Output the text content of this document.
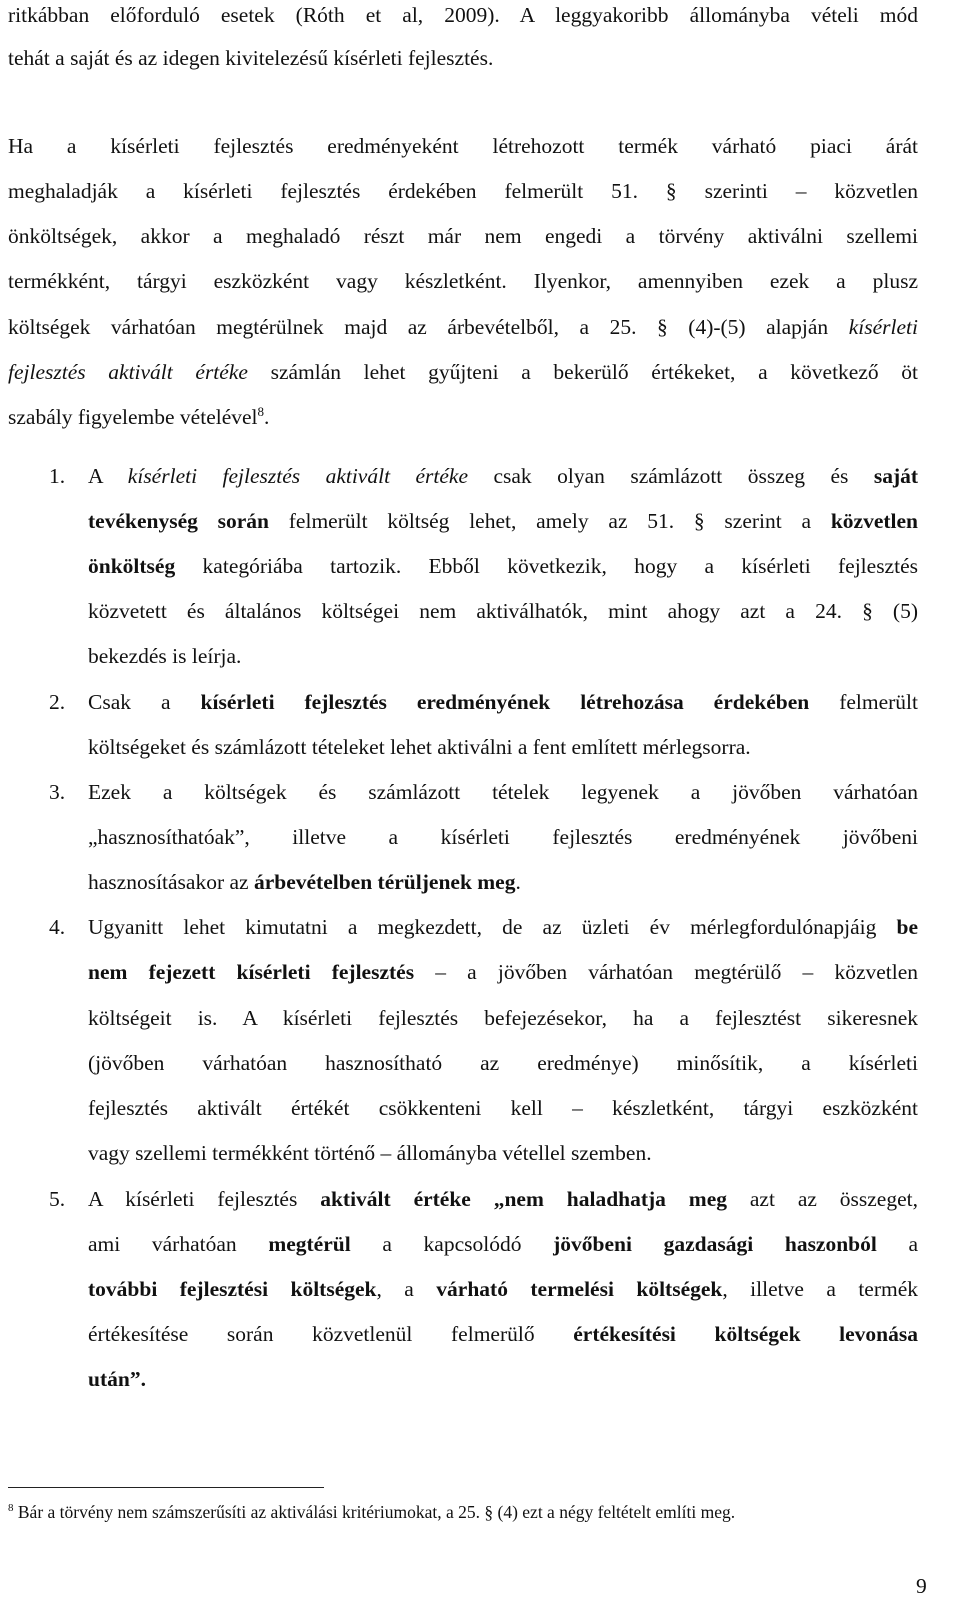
ritkábban előforduló esetek (Róth et al, 2009). A leggyakoribb állományba vételi mód
tehát a saját és az idegen kivitelezésű kísérleti fejlesztés.
Ha a kísérleti fejlesztés eredményeként létrehozott termék várható piaci árát
meghaladják a kísérleti fejlesztés érdekében felmerült 51. § szerinti – közvetlen
önköltségek, akkor a meghaladó részt már nem engedi a törvény aktiválni szellemi
termékként, tárgyi eszközként vagy készletként. Ilyenkor, amennyiben ezek a plusz
költségek várhatóan megtérülnek majd az árbevételből, a 25. § (4)-(5) alapján kísérleti
fejlesztés aktivált értéke számlán lehet gyűjteni a bekerülő értékeket, a következő öt
szabály figyelembe vételével$^8$.
1. A kísérleti fejlesztés aktivált értéke csak olyan számlázott összeg és saját
tevékenység során felmerült költség lehet, amely az 51. § szerint a közvetlen
önköltség kategóriába tartozik. Ebből következik, hogy a kísérleti fejlesztés
közvetett és általános költségei nem aktiválhatók, mint ahogy azt a 24. § (5)
bekezdés is leírja.
2. Csak a kísérleti fejlesztés eredményének létrehozása érdekében felmerült
költségeket és számlázott tételeket lehet aktiválni a fent említett mérlegsorra.
3. Ezek a költségek és számlázott tételek legyenek a jövőben várhatóan
„hasznosíthatóak”, illetve a kísérleti fejlesztés eredményének jövőbeni
hasznosításakor az árbevételben térüljenek meg.
4. Ugyanitt lehet kimutatni a megkezdett, de az üzleti év mérlegfordulónapjáig be
nem fejezett kísérleti fejlesztés – a jövőben várhatóan megtérülő – közvetlen
költségeit is. A kísérleti fejlesztés befejezésekor, ha a fejlesztést sikeresnek
(jövőben várhatóan hasznosítható az eredménye) minősítik, a kísérleti
fejlesztés aktivált értékét csökkenteni kell – készletként, tárgyi eszközként
vagy szellemi termékként történő – állományba vétellel szemben.
5. A kísérleti fejlesztés aktivált értéke „nem haladhatja meg azt az összeget,
ami várhatóan megtérül a kapcsolódó jövőbeni gazdasági haszonból a
további fejlesztési költségek, a várható termelési költségek, illetve a termék
értékesítése során közvetlenül felmerülő értékesítési költségek levonása
után”.
$^8$ Bár a törvény nem számszerűsíti az aktiválási kritériumokat, a 25. § (4) ezt a négy feltételt említi meg.
9
